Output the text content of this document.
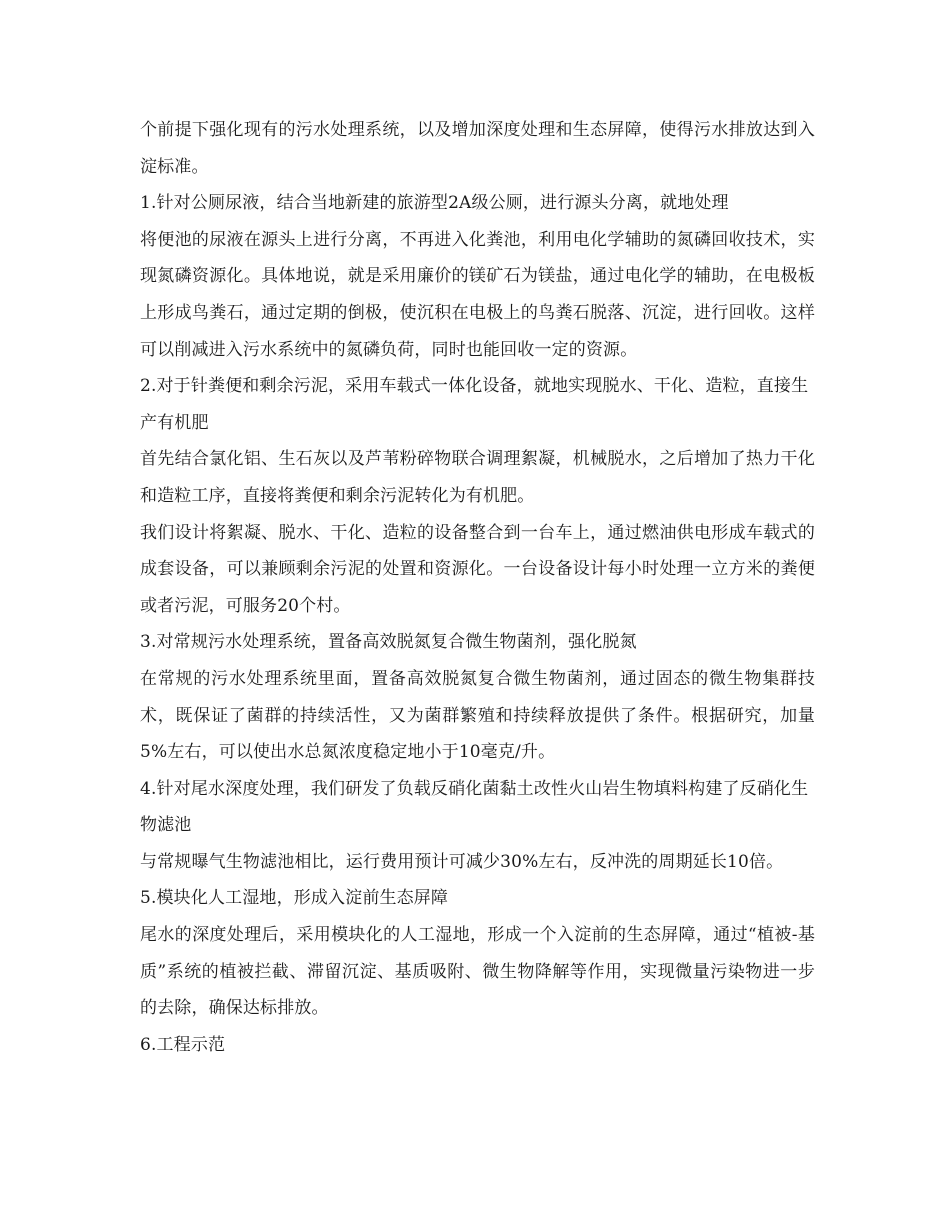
个前提下强化现有的污水处理系统，以及增加深度处理和生态屏障，使得污水排放达到入淀标准。

1.针对公厕尿液，结合当地新建的旅游型2A级公厕，进行源头分离，就地处理

将便池的尿液在源头上进行分离，不再进入化粪池，利用电化学辅助的氮磷回收技术，实现氮磷资源化。具体地说，就是采用廉价的镁矿石为镁盐，通过电化学的辅助，在电极板上形成鸟粪石，通过定期的倒极，使沉积在电极上的鸟粪石脱落、沉淀，进行回收。这样可以削减进入污水系统中的氮磷负荷，同时也能回收一定的资源。

2.对于针粪便和剩余污泥，采用车载式一体化设备，就地实现脱水、干化、造粒，直接生产有机肥

首先结合氯化铝、生石灰以及芦苇粉碎物联合调理絮凝，机械脱水，之后增加了热力干化和造粒工序，直接将粪便和剩余污泥转化为有机肥。

我们设计将絮凝、脱水、干化、造粒的设备整合到一台车上，通过燃油供电形成车载式的成套设备，可以兼顾剩余污泥的处置和资源化。一台设备设计每小时处理一立方米的粪便或者污泥，可服务20个村。

3.对常规污水处理系统，置备高效脱氮复合微生物菌剂，强化脱氮

在常规的污水处理系统里面，置备高效脱氮复合微生物菌剂，通过固态的微生物集群技术，既保证了菌群的持续活性，又为菌群繁殖和持续释放提供了条件。根据研究，加量5%左右，可以使出水总氮浓度稳定地小于10毫克/升。

4.针对尾水深度处理，我们研发了负载反硝化菌黏土改性火山岩生物填料构建了反硝化生物滤池

与常规曝气生物滤池相比，运行费用预计可减少30%左右，反冲洗的周期延长10倍。

5.模块化人工湿地，形成入淀前生态屏障

尾水的深度处理后，采用模块化的人工湿地，形成一个入淀前的生态屏障，通过“植被-基质”系统的植被拦截、滞留沉淀、基质吸附、微生物降解等作用，实现微量污染物进一步的去除，确保达标排放。

6.工程示范
